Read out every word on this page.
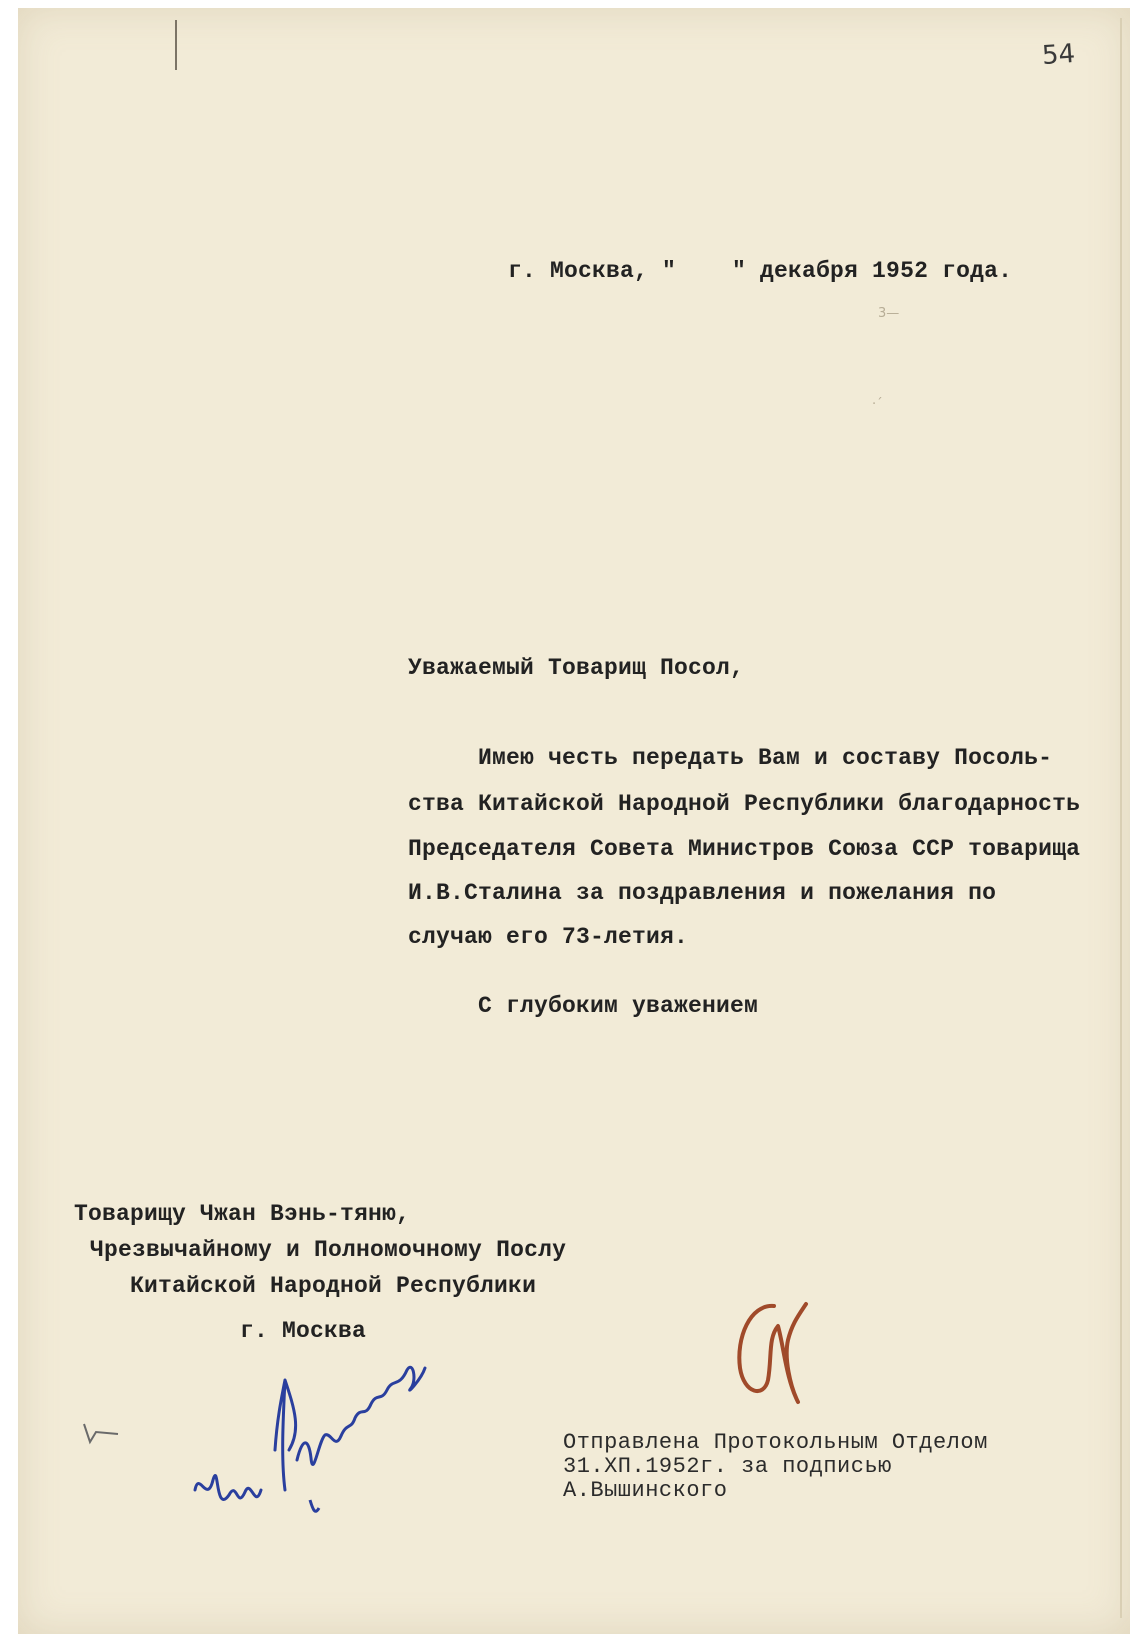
54
г. Москва, "    " декабря 1952 года.
Уважаемый Товарищ Посол,
Имею честь передать Вам и составу Посоль-
ства Китайской Народной Республики благодарность
Председателя Совета Министров Союза ССР товарища
И.В.Сталина за поздравления и пожелания по
случаю его 73-летия.
С глубоким уважением
Товарищу Чжан Вэнь-тяню,
Чрезвычайному и Полномочному Послу
Китайской Народной Республики
г. Москва
Отправлена Протокольным Отделом
31.XП.1952г. за подписью
А.Вышинского
3—
·´
